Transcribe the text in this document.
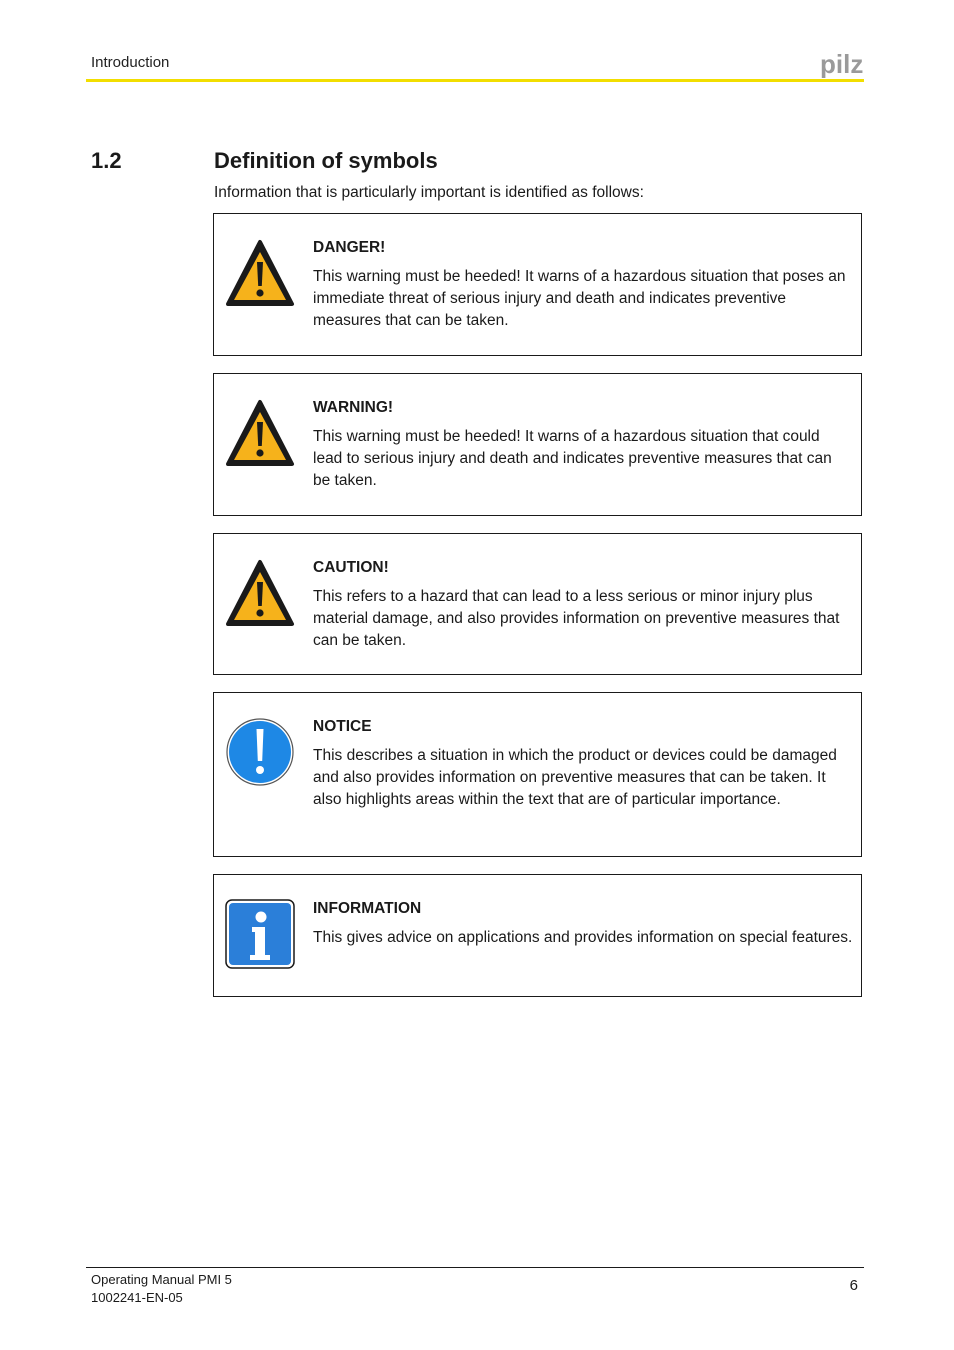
Introduction	pilz
1.2	Definition of symbols
Information that is particularly important is identified as follows:
DANGER!
This warning must be heeded! It warns of a hazardous situation that poses an immediate threat of serious injury and death and indicates preventive measures that can be taken.
WARNING!
This warning must be heeded! It warns of a hazardous situation that could lead to serious injury and death and indicates preventive measures that can be taken.
CAUTION!
This refers to a hazard that can lead to a less serious or minor injury plus material damage, and also provides information on preventive measures that can be taken.
NOTICE
This describes a situation in which the product or devices could be damaged and also provides information on preventive measures that can be taken. It also highlights areas within the text that are of particular importance.
INFORMATION
This gives advice on applications and provides information on special features.
Operating Manual PMI 5
1002241-EN-05
6
